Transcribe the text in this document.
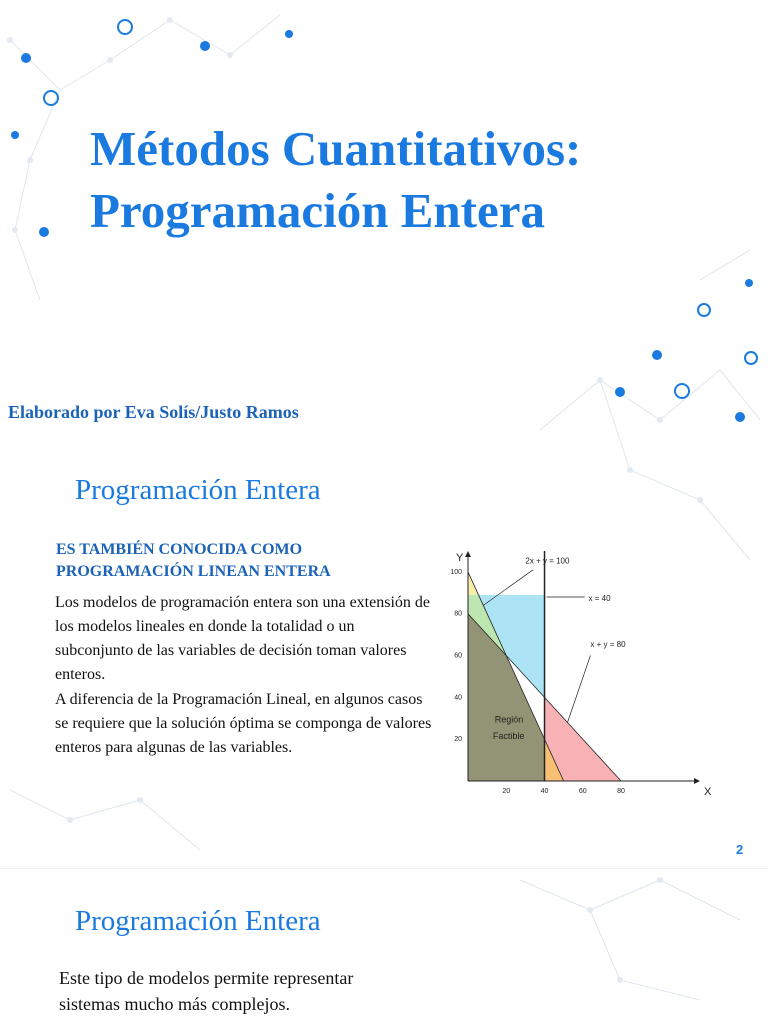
Métodos Cuantitativos:
Programación Entera

Elaborado por Eva Solís/Justo Ramos

Programación Entera

ES TAMBIÉN CONOCIDA COMO
PROGRAMACIÓN LINEAN ENTERA

Los modelos de programación entera son una extensión de los modelos lineales en donde la totalidad o un subconjunto de las variables de decisión toman valores enteros.

A diferencia de la Programación Lineal, en algunos casos se requiere que la solución óptima se componga de valores enteros para algunas de las variables.

20	40	60	80
20
40
60
80
100
X
Y	2x + y = 100
x = 40
x + y = 80
Región
Factible

2

Programación Entera

Este tipo de modelos permite representar sistemas mucho más complejos.
